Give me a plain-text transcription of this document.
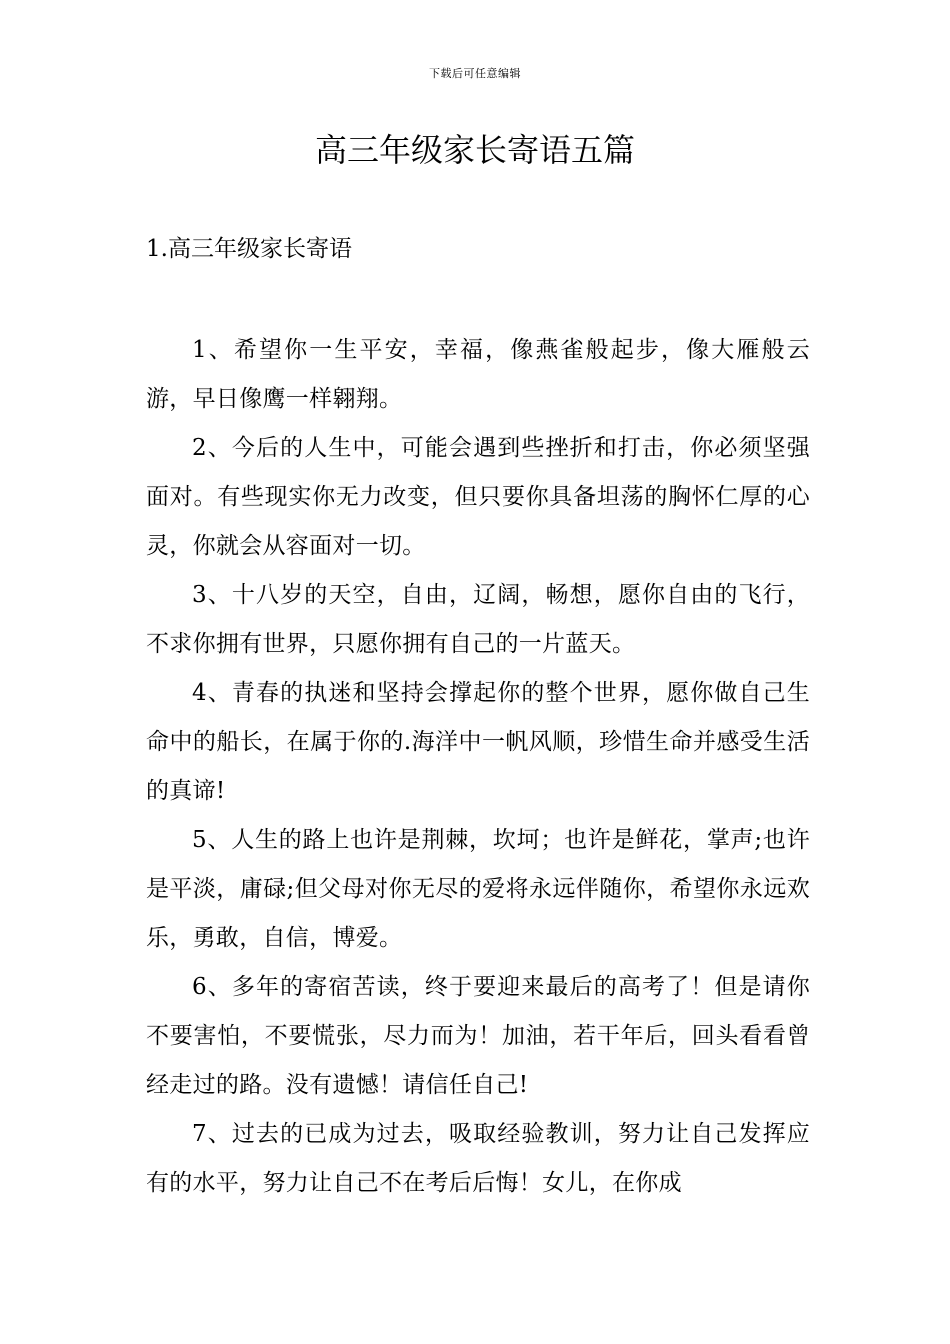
下载后可任意编辑
高三年级家长寄语五篇
1.高三年级家长寄语

1、希望你一生平安，幸福，像燕雀般起步，像大雁般云游，早日像鹰一样翱翔。

2、今后的人生中，可能会遇到些挫折和打击，你必须坚强面对。有些现实你无力改变，但只要你具备坦荡的胸怀仁厚的心灵，你就会从容面对一切。

3、十八岁的天空，自由，辽阔，畅想，愿你自由的飞行，不求你拥有世界，只愿你拥有自己的一片蓝天。

4、青春的执迷和坚持会撑起你的整个世界，愿你做自己生命中的船长，在属于你的.海洋中一帆风顺，珍惜生命并感受生活的真谛!

5、人生的路上也许是荆棘，坎坷；也许是鲜花，掌声;也许是平淡，庸碌;但父母对你无尽的爱将永远伴随你，希望你永远欢乐，勇敢，自信，博爱。

6、多年的寄宿苦读，终于要迎来最后的高考了！但是请你不要害怕，不要慌张，尽力而为！加油，若干年后，回头看看曾经走过的路。没有遗憾！请信任自己!

7、过去的已成为过去，吸取经验教训，努力让自己发挥应有的水平，努力让自己不在考后后悔！女儿，在你成
